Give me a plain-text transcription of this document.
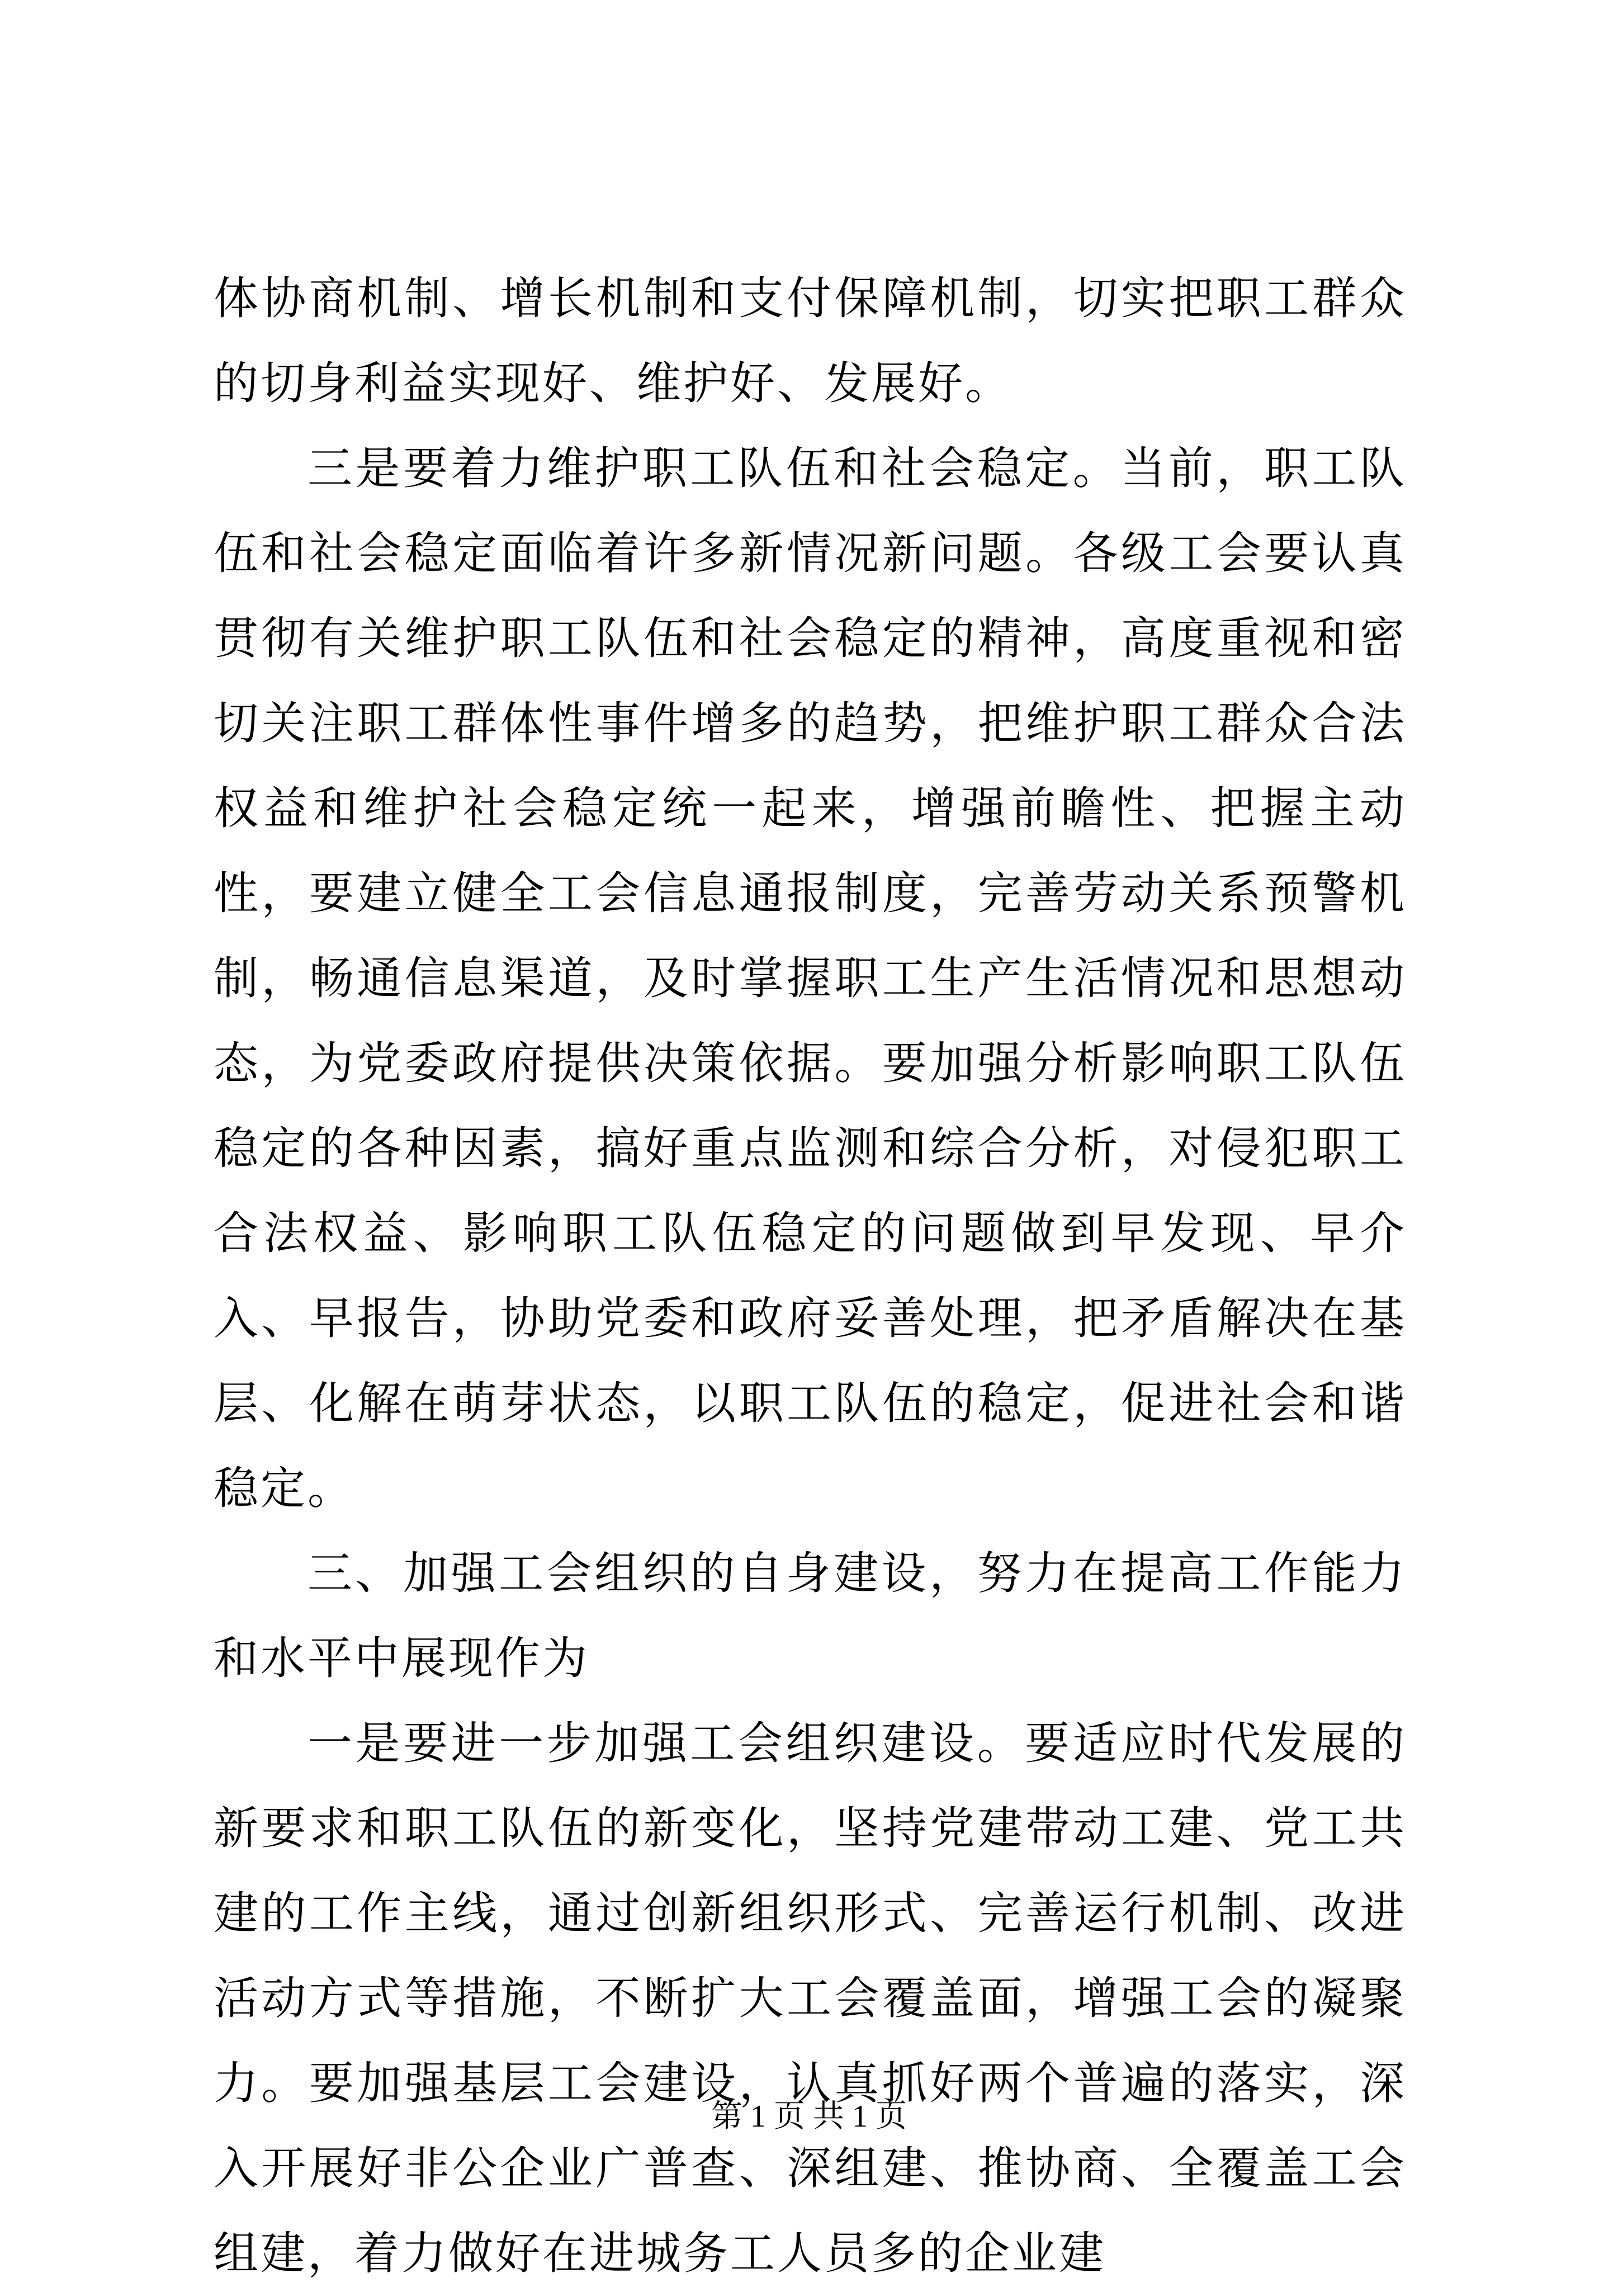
体协商机制、增长机制和支付保障机制，切实把职工群众的切身利益实现好、维护好、发展好。

三是要着力维护职工队伍和社会稳定。当前，职工队伍和社会稳定面临着许多新情况新问题。各级工会要认真贯彻有关维护职工队伍和社会稳定的精神，高度重视和密切关注职工群体性事件增多的趋势，把维护职工群众合法权益和维护社会稳定统一起来，增强前瞻性、把握主动性，要建立健全工会信息通报制度，完善劳动关系预警机制，畅通信息渠道，及时掌握职工生产生活情况和思想动态，为党委政府提供决策依据。要加强分析影响职工队伍稳定的各种因素，搞好重点监测和综合分析，对侵犯职工合法权益、影响职工队伍稳定的问题做到早发现、早介入、早报告，协助党委和政府妥善处理，把矛盾解决在基层、化解在萌芽状态，以职工队伍的稳定，促进社会和谐稳定。

三、加强工会组织的自身建设，努力在提高工作能力和水平中展现作为

一是要进一步加强工会组织建设。要适应时代发展的新要求和职工队伍的新变化，坚持党建带动工建、党工共建的工作主线，通过创新组织形式、完善运行机制、改进活动方式等措施，不断扩大工会覆盖面，增强工会的凝聚力。要加强基层工会建设，认真抓好两个普遍的落实，深入开展好非公企业广普查、深组建、推协商、全覆盖工会组建，着力做好在进城务工人员多的企业建

第 1 页 共 1 页
